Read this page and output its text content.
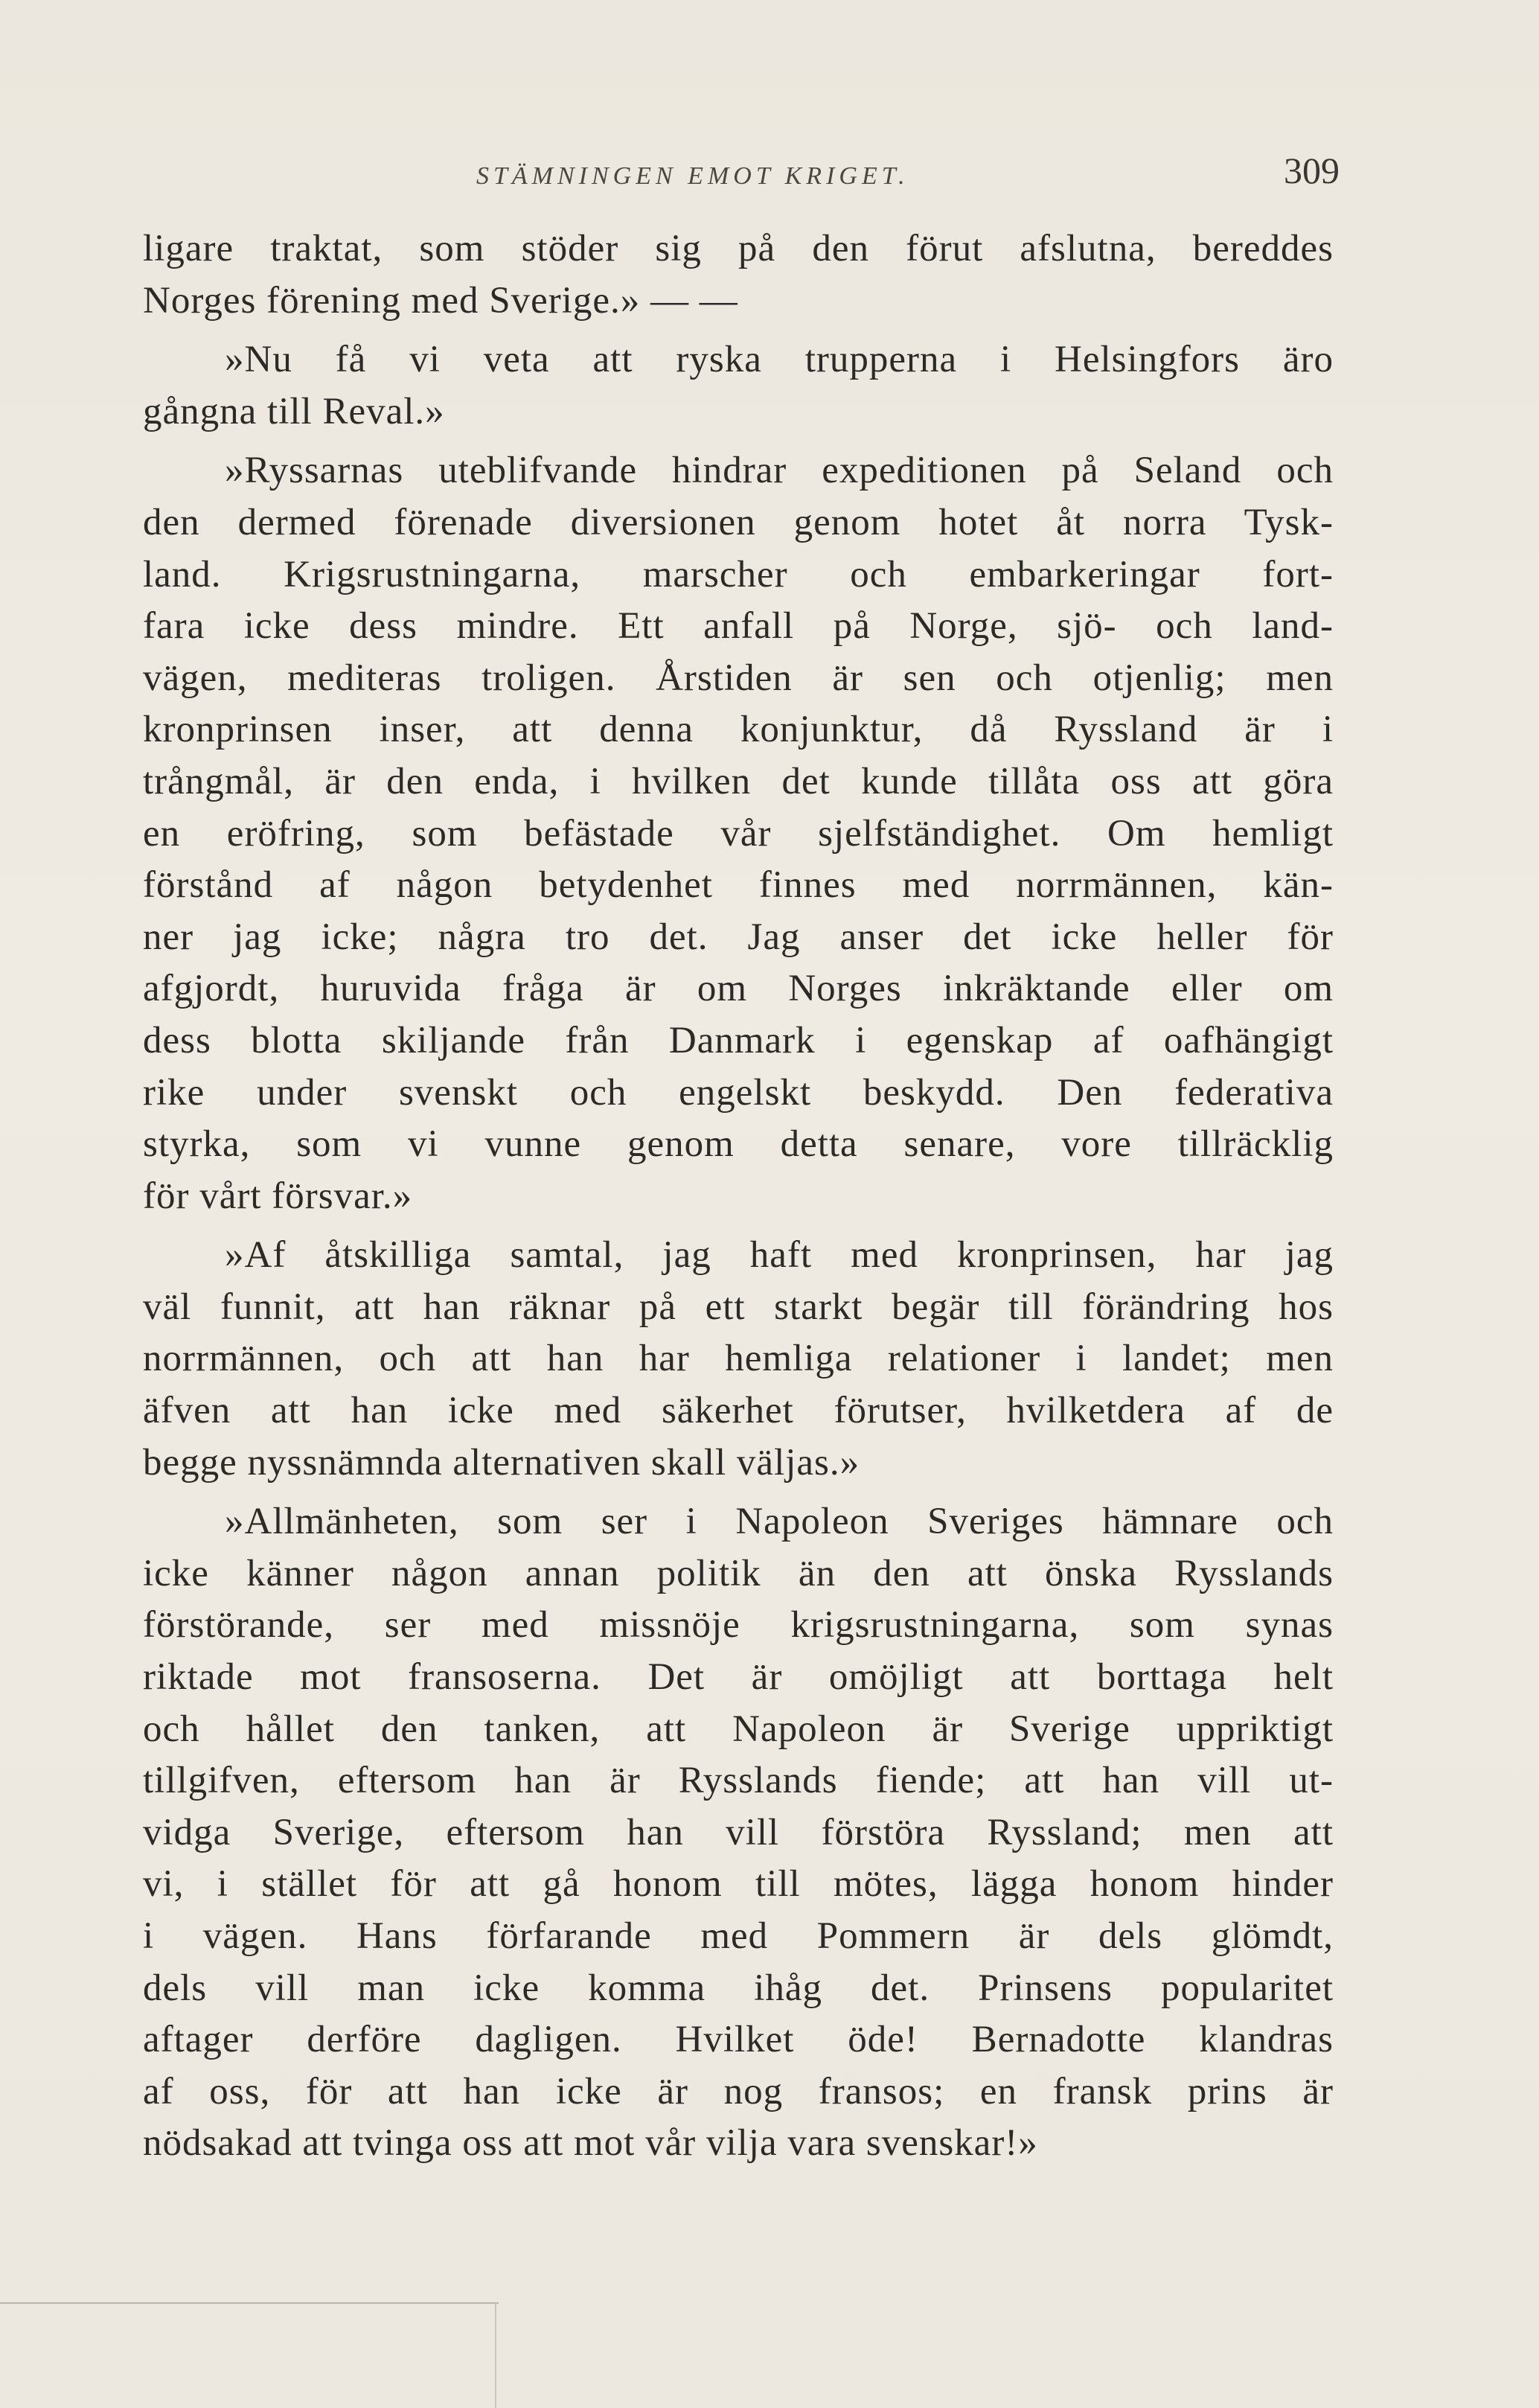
STÄMNINGEN EMOT KRIGET.	309
ligare traktat, som stöder sig på den förut afslutna, bereddes
Norges förening med Sverige.» — —
»Nu få vi veta att ryska trupperna i Helsingfors äro
gångna till Reval.»
»Ryssarnas uteblifvande hindrar expeditionen på Seland och
den dermed förenade diversionen genom hotet åt norra Tysk-
land. Krigsrustningarna, marscher och embarkeringar fort-
fara icke dess mindre. Ett anfall på Norge, sjö- och land-
vägen, mediteras troligen. Årstiden är sen och otjenlig; men
kronprinsen inser, att denna konjunktur, då Ryssland är i
trångmål, är den enda, i hvilken det kunde tillåta oss att göra
en eröfring, som befästade vår sjelfständighet. Om hemligt
förstånd af någon betydenhet finnes med norrmännen, kän-
ner jag icke; några tro det. Jag anser det icke heller för
afgjordt, huruvida fråga är om Norges inkräktande eller om
dess blotta skiljande från Danmark i egenskap af oafhängigt
rike under svenskt och engelskt beskydd. Den federativa
styrka, som vi vunne genom detta senare, vore tillräcklig
för vårt försvar.»
»Af åtskilliga samtal, jag haft med kronprinsen, har jag
väl funnit, att han räknar på ett starkt begär till förändring hos
norrmännen, och att han har hemliga relationer i landet; men
äfven att han icke med säkerhet förutser, hvilketdera af de
begge nyssnämnda alternativen skall väljas.»
»Allmänheten, som ser i Napoleon Sveriges hämnare och
icke känner någon annan politik än den att önska Rysslands
förstörande, ser med missnöje krigsrustningarna, som synas
riktade mot fransoserna. Det är omöjligt att borttaga helt
och hållet den tanken, att Napoleon är Sverige uppriktigt
tillgifven, eftersom han är Rysslands fiende; att han vill ut-
vidga Sverige, eftersom han vill förstöra Ryssland; men att
vi, i stället för att gå honom till mötes, lägga honom hinder
i vägen. Hans förfarande med Pommern är dels glömdt,
dels vill man icke komma ihåg det. Prinsens popularitet
aftager derföre dagligen. Hvilket öde! Bernadotte klandras
af oss, för att han icke är nog fransos; en fransk prins är
nödsakad att tvinga oss att mot vår vilja vara svenskar!»
